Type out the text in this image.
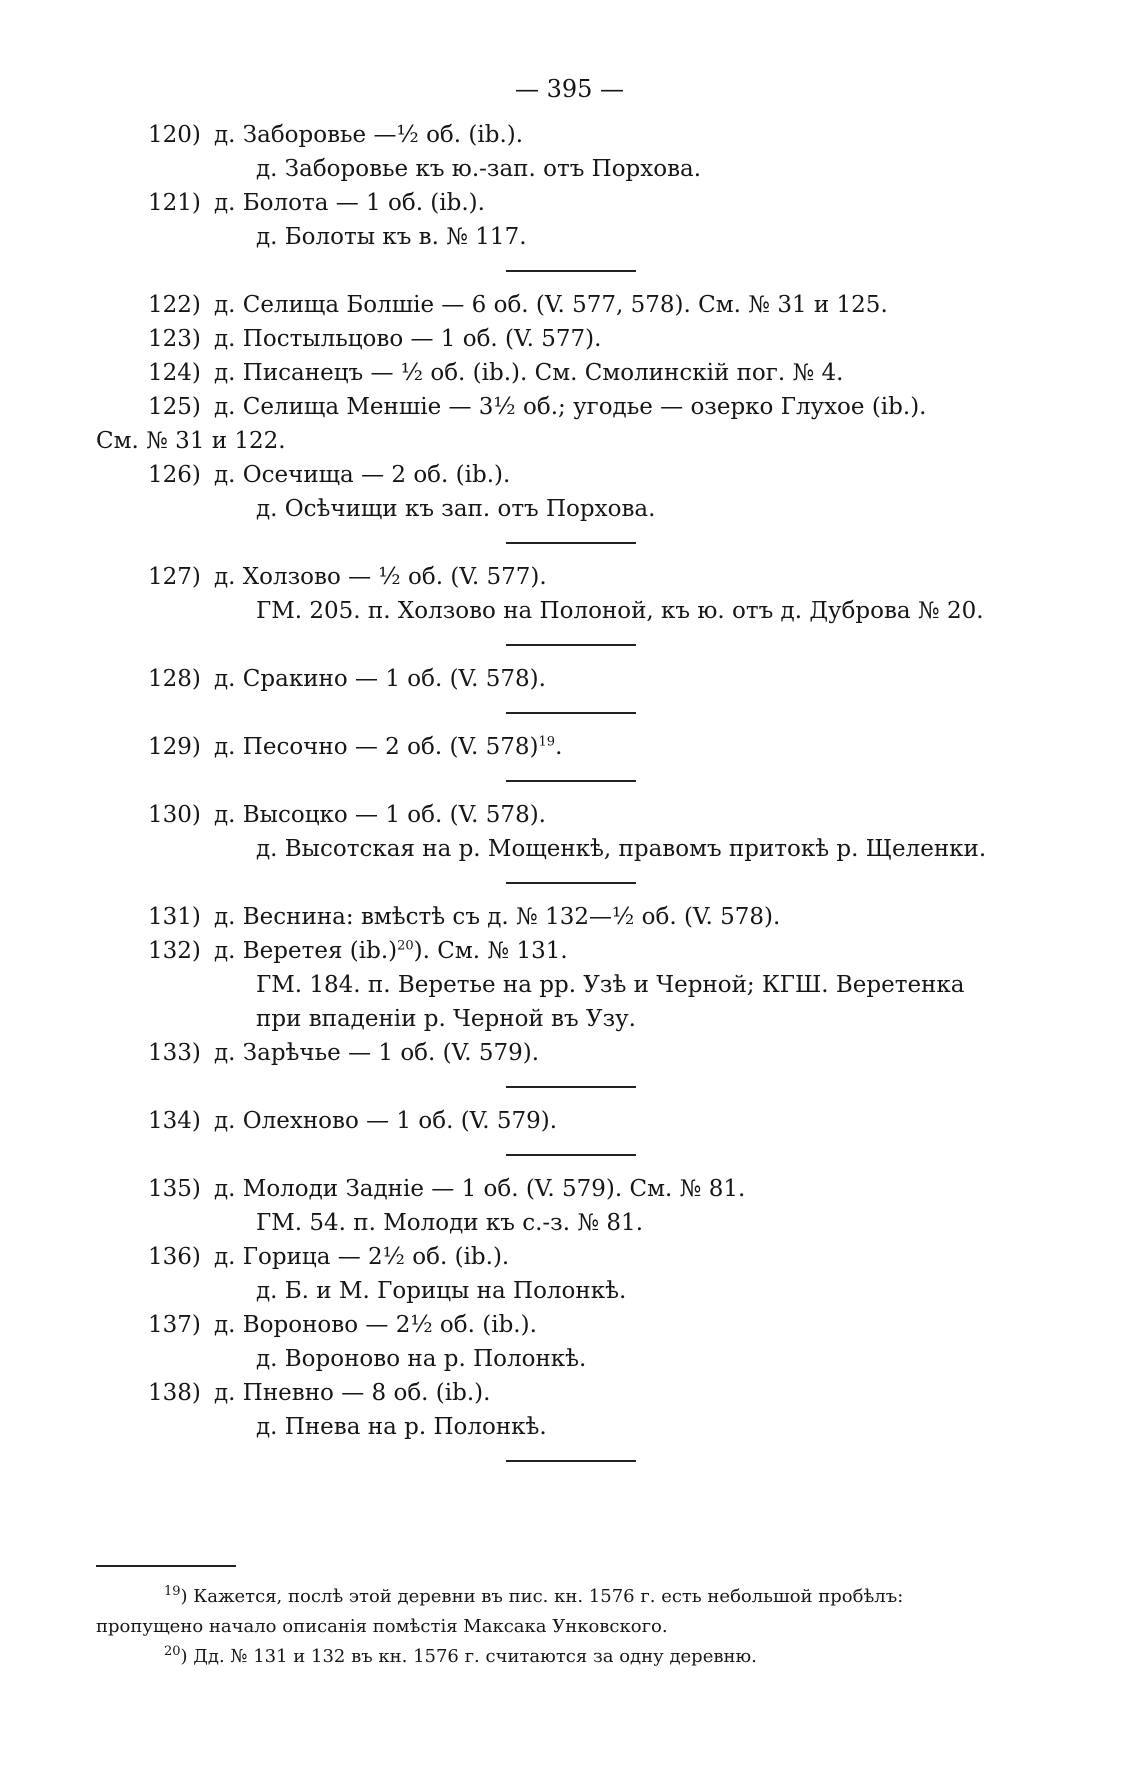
— 395 —
120) д. Заборовье —½ об. (ib.).
д. Заборовье къ ю.-зап. отъ Порхова.
121) д. Болота — 1 об. (ib.).
д. Болоты къ в. № 117.
122) д. Селища Болшіе — 6 об. (V. 577, 578). См. № 31 и 125.
123) д. Постыльцово — 1 об. (V. 577).
124) д. Писанецъ — ½ об. (ib.). См. Смолинскій пог. № 4.
125) д. Селища Меншіе — 3½ об.; угодье — озерко Глухое (ib.).
См. № 31 и 122.
126) д. Осечища — 2 об. (ib.).
д. Осѣчищи къ зап. отъ Порхова.
127) д. Холзово — ½ об. (V. 577).
ГМ. 205. п. Холзово на Полоной, къ ю. отъ д. Дуброва № 20.
128) д. Сракино — 1 об. (V. 578).
129) д. Песочно — 2 об. (V. 578)$^{19}$.
130) д. Высоцко — 1 об. (V. 578).
д. Высотская на р. Мощенкѣ, правомъ притокѣ р. Щеленки.
131) д. Веснина: вмѣстѣ съ д. № 132—½ об. (V. 578).
132) д. Веретея $(ib.)^{20}$). См. № 131.
ГМ. 184. п. Веретье на рр. Узѣ и Черной; КГШ. Веретенка
при впаденіи р. Черной въ Узу.
133) д. Зарѣчье — 1 об. (V. 579).
134) д. Олехново — 1 об. (V. 579).
135) д. Молоди Задніе — 1 об. (V. 579). См. № 81.
ГМ. 54. п. Молоди къ с.-з. № 81.
136) д. Горица — 2½ об. (ib.).
д. Б. и М. Горицы на Полонкѣ.
137) д. Вороново — 2½ об. (ib.).
д. Вороново на р. Полонкѣ.
138) д. Пневно — 8 об. (ib.).
д. Пнева на р. Полонкѣ.
$^{19}$) Кажется, послѣ этой деревни въ пис. кн. 1576 г. есть небольшой пробѣлъ:
пропущено начало описанія помѣстія Максака Унковского.
$^{20}$) Дд. № 131 и 132 въ кн. 1576 г. считаются за одну деревню.
